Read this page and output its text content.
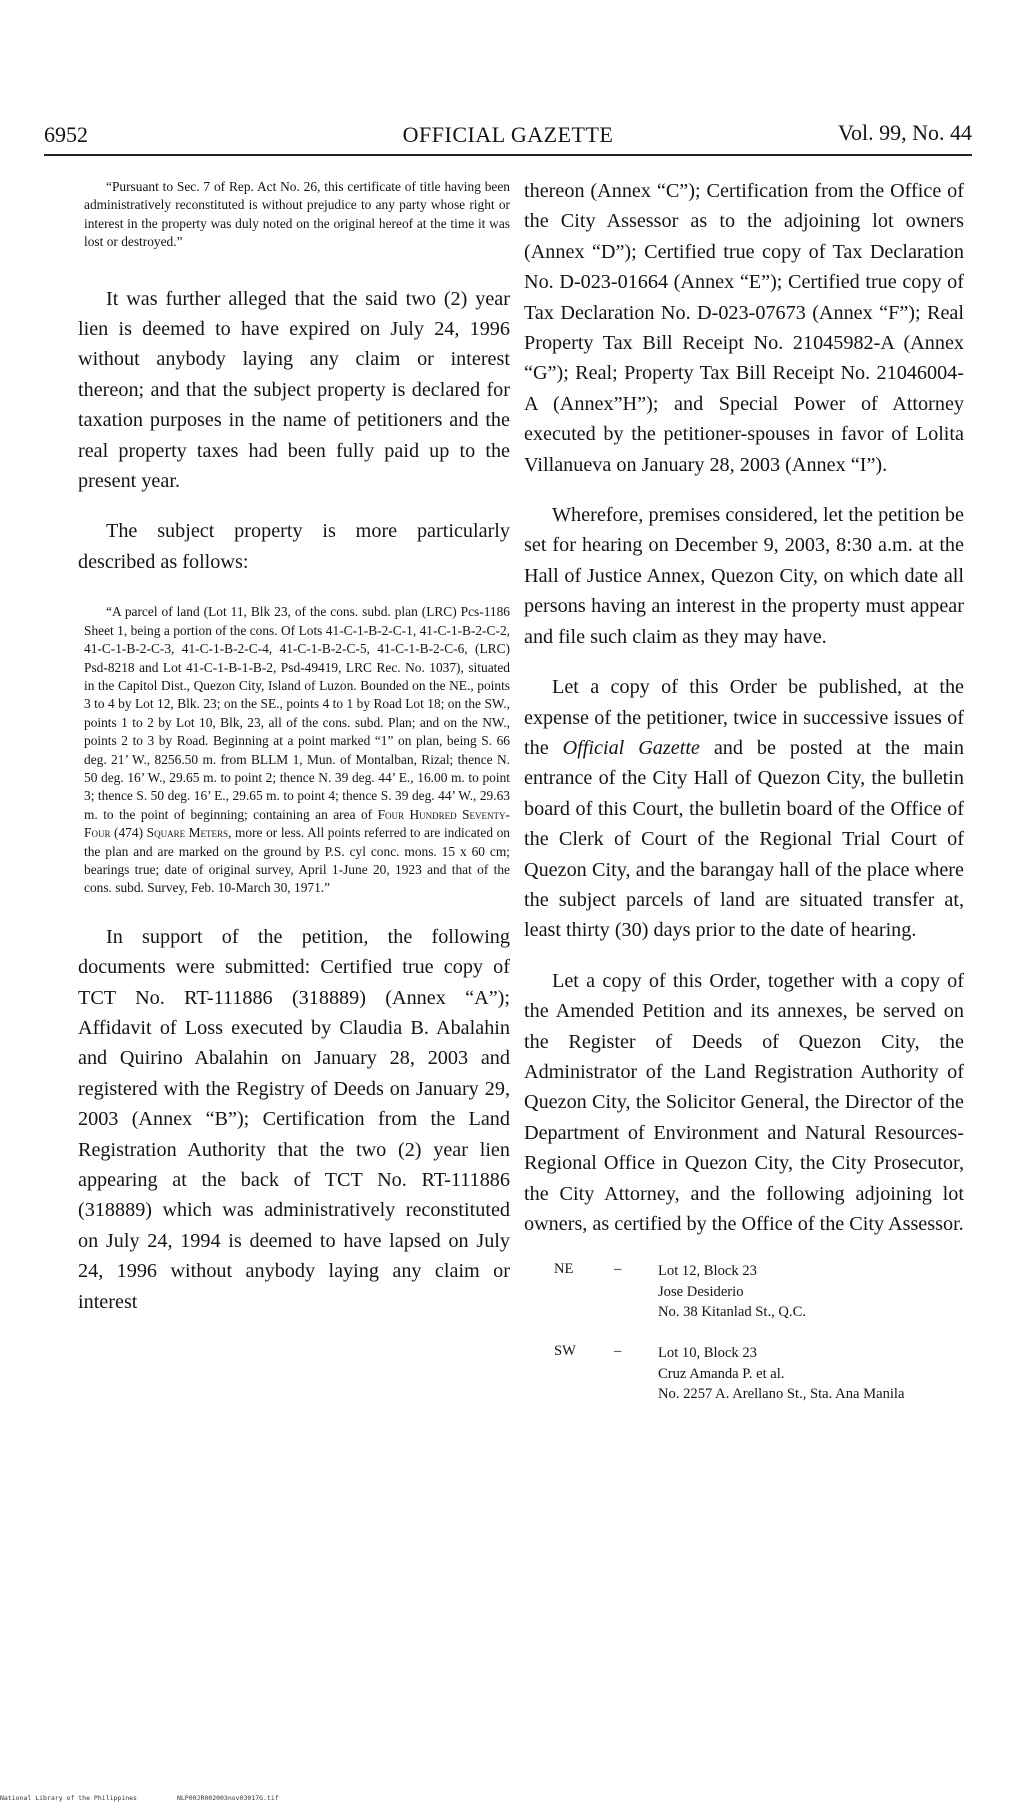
6952	OFFICIAL GAZETTE	Vol. 99, No. 44

“Pursuant to Sec. 7 of Rep. Act No. 26, this certificate of title having been administratively reconstituted is without prejudice to any party whose right or interest in the property was duly noted on the original hereof at the time it was lost or destroyed.”

It was further alleged that the said two (2) year lien is deemed to have expired on July 24, 1996 without anybody laying any claim or interest thereon; and that the subject property is declared for taxation purposes in the name of petitioners and the real property taxes had been fully paid up to the present year.

The subject property is more particularly described as follows:

“A parcel of land (Lot 11, Blk 23, of the cons. subd. plan (LRC) Pcs-1186 Sheet 1, being a portion of the cons. Of Lots 41-C-1-B-2-C-1, 41-C-1-B-2-C-2, 41-C-1-B-2-C-3, 41-C-1-B-2-C-4, 41-C-1-B-2-C-5, 41-C-1-B-2-C-6, (LRC) Psd-8218 and Lot 41-C-1-B-1-B-2, Psd-49419, LRC Rec. No. 1037), situated in the Capitol Dist., Quezon City, Island of Luzon. Bounded on the NE., points 3 to 4 by Lot 12, Blk. 23; on the SE., points 4 to 1 by Road Lot 18; on the SW., points 1 to 2 by Lot 10, Blk, 23, all of the cons. subd. Plan; and on the NW., points 2 to 3 by Road. Beginning at a point marked “1” on plan, being S. 66 deg. 21’ W., 8256.50 m. from BLLM 1, Mun. of Montalban, Rizal; thence N. 50 deg. 16’ W., 29.65 m. to point 2; thence N. 39 deg. 44’ E., 16.00 m. to point 3; thence S. 50 deg. 16’ E., 29.65 m. to point 4; thence S. 39 deg. 44’ W., 29.63 m. to the point of beginning; containing an area of Four Hundred Seventy-Four (474) Square Meters, more or less. All points referred to are indicated on the plan and are marked on the ground by P.S. cyl conc. mons. 15 x 60 cm; bearings true; date of original survey, April 1-June 20, 1923 and that of the cons. subd. Survey, Feb. 10-March 30, 1971.”

In support of the petition, the following documents were submitted: Certified true copy of TCT No. RT-111886 (318889) (Annex “A”); Affidavit of Loss executed by Claudia B. Abalahin and Quirino Abalahin on January 28, 2003 and registered with the Registry of Deeds on January 29, 2003 (Annex “B”); Certification from the Land Registration Authority that the two (2) year lien appearing at the back of TCT No. RT-111886 (318889) which was administratively reconstituted on July 24, 1994 is deemed to have lapsed on July 24, 1996 without anybody laying any claim or interest

thereon (Annex “C”); Certification from the Office of the City Assessor as to the adjoining lot owners (Annex “D”); Certified true copy of Tax Declaration No. D-023-01664 (Annex “E”); Certified true copy of Tax Declaration No. D-023-07673 (Annex “F”); Real Property Tax Bill Receipt No. 21045982-A (Annex “G”); Real; Property Tax Bill Receipt No. 21046004-A (Annex”H”); and Special Power of Attorney executed by the petitioner-spouses in favor of Lolita Villanueva on January 28, 2003 (Annex “I”).

Wherefore, premises considered, let the petition be set for hearing on December 9, 2003, 8:30 a.m. at the Hall of Justice Annex, Quezon City, on which date all persons having an interest in the property must appear and file such claim as they may have.

Let a copy of this Order be published, at the expense of the petitioner, twice in successive issues of the Official Gazette and be posted at the main entrance of the City Hall of Quezon City, the bulletin board of this Court, the bulletin board of the Office of the Clerk of Court of the Regional Trial Court of Quezon City, and the barangay hall of the place where the subject parcels of land are situated transfer at, least thirty (30) days prior to the date of hearing.

Let a copy of this Order, together with a copy of the Amended Petition and its annexes, be served on the Register of Deeds of Quezon City, the Administrator of the Land Registration Authority of Quezon City, the Solicitor General, the Director of the Department of Environment and Natural Resources-Regional Office in Quezon City, the City Prosecutor, the City Attorney, and the following adjoining lot owners, as certified by the Office of the City Assessor.

NE	–	Lot 12, Block 23
Jose Desiderio
No. 38 Kitanlad St., Q.C.
SW	–	Lot 10, Block 23
Cruz Amanda P. et al.
No. 2257 A. Arellano St., Sta. Ana Manila
National Library of the Philippines	NLP00JR002003nov03017G.tif
